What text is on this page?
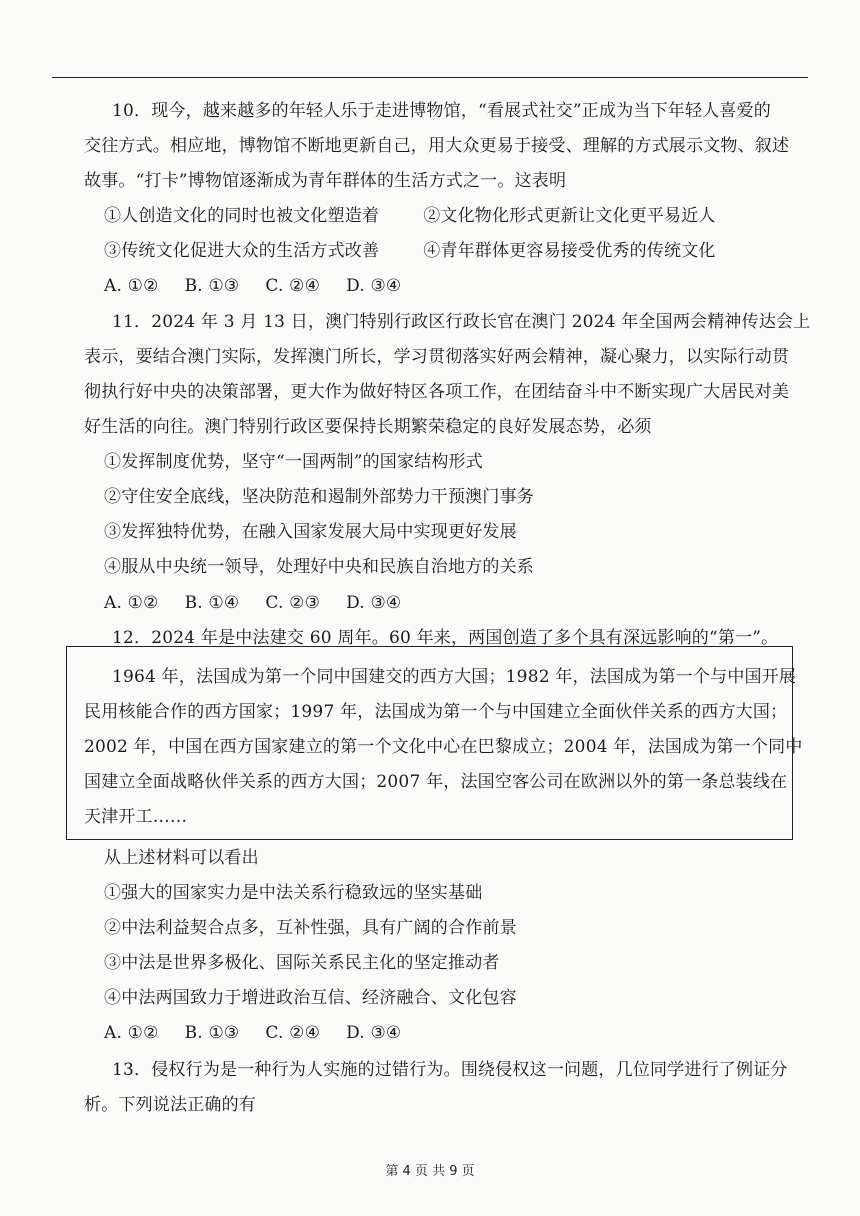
10．现今，越来越多的年轻人乐于走进博物馆，“看展式社交”正成为当下年轻人喜爱的
交往方式。相应地，博物馆不断地更新自己，用大众更易于接受、理解的方式展示文物、叙述
故事。“打卡”博物馆逐渐成为青年群体的生活方式之一。这表明
①人创造文化的同时也被文化塑造着	②文化物化形式更新让文化更平易近人
③传统文化促进大众的生活方式改善	④青年群体更容易接受优秀的传统文化
A. ①② B. ①③ C. ②④ D. ③④
11．2024 年 3 月 13 日，澳门特别行政区行政长官在澳门 2024 年全国两会精神传达会上
表示，要结合澳门实际，发挥澳门所长，学习贯彻落实好两会精神，凝心聚力，以实际行动贯
彻执行好中央的决策部署，更大作为做好特区各项工作，在团结奋斗中不断实现广大居民对美
好生活的向往。澳门特别行政区要保持长期繁荣稳定的良好发展态势，必须
①发挥制度优势，坚守“一国两制”的国家结构形式
②守住安全底线，坚决防范和遏制外部势力干预澳门事务
③发挥独特优势，在融入国家发展大局中实现更好发展
④服从中央统一领导，处理好中央和民族自治地方的关系
A. ①② B. ①④ C. ②③ D. ③④
12．2024 年是中法建交 60 周年。60 年来，两国创造了多个具有深远影响的“第一”。
1964 年，法国成为第一个同中国建交的西方大国；1982 年，法国成为第一个与中国开展
民用核能合作的西方国家；1997 年，法国成为第一个与中国建立全面伙伴关系的西方大国；
2002 年，中国在西方国家建立的第一个文化中心在巴黎成立；2004 年，法国成为第一个同中
国建立全面战略伙伴关系的西方大国；2007 年，法国空客公司在欧洲以外的第一条总装线在
天津开工……
从上述材料可以看出
①强大的国家实力是中法关系行稳致远的坚实基础
②中法利益契合点多，互补性强，具有广阔的合作前景
③中法是世界多极化、国际关系民主化的坚定推动者
④中法两国致力于增进政治互信、经济融合、文化包容
A. ①② B. ①③ C. ②④ D. ③④
13．侵权行为是一种行为人实施的过错行为。围绕侵权这一问题，几位同学进行了例证分
析。下列说法正确的有
第 4 页 共 9 页
